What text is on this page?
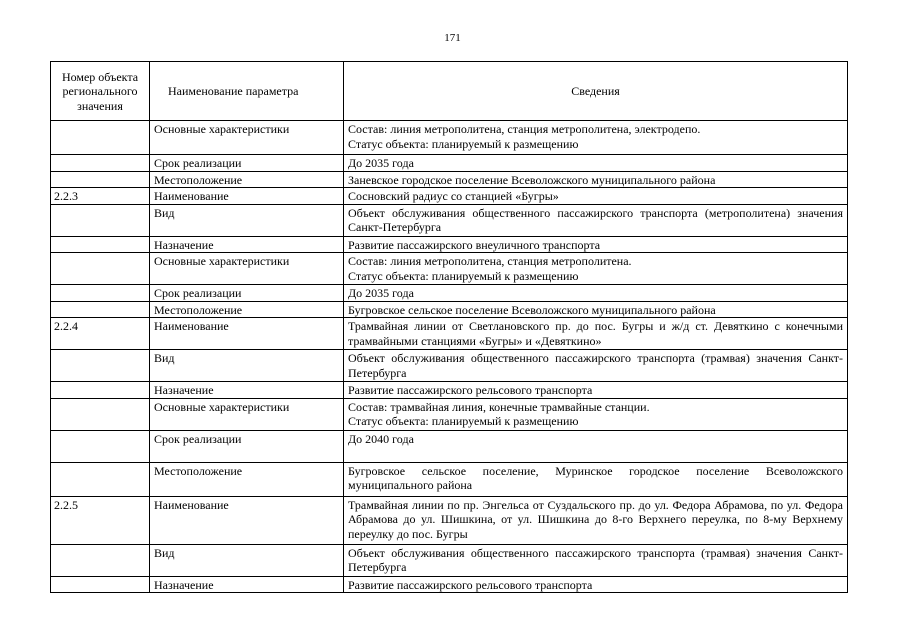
171
Номер объекта регионального значения	Наименование параметра	Сведения
	Основные характеристики	Состав: линия метрополитена, станция метрополитена, электродепо.
Статус объекта: планируемый к размещению

	Срок реализации	До 2035 года

	Местоположение	Заневское городское поселение Всеволожского муниципального района

2.2.3	Наименование	Сосновский радиус со станцией «Бугры»

	Вид	Объект обслуживания общественного пассажирского транспорта (метрополитена) значения Санкт-Петербурга

	Назначение	Развитие пассажирского внеуличного транспорта

	Основные характеристики	Состав: линия метрополитена, станция метрополитена.
Статус объекта: планируемый к размещению

	Срок реализации	До 2035 года

	Местоположение	Бугровское сельское поселение Всеволожского муниципального района

2.2.4	Наименование	Трамвайная линии от Светлановского пр. до пос. Бугры и ж/д ст. Девяткино с конечными трамвайными станциями «Бугры» и «Девяткино»

	Вид	Объект обслуживания общественного пассажирского транспорта (трамвая) значения Санкт-Петербурга

	Назначение	Развитие пассажирского рельсового транспорта

	Основные характеристики	Состав: трамвайная линия, конечные трамвайные станции.
Статус объекта: планируемый к размещению

	Срок реализации	До 2040 года

	Местоположение	Бугровское сельское поселение, Муринское городское поселение Всеволожского муниципального района

2.2.5	Наименование	Трамвайная линии по пр. Энгельса от Суздальского пр. до ул. Федора Абрамова, по ул. Федора Абрамова до ул. Шишкина, от ул. Шишкина до 8-го Верхнего переулка, по 8-му Верхнему переулку до пос. Бугры

	Вид	Объект обслуживания общественного пассажирского транспорта (трамвая) значения Санкт-Петербурга

	Назначение	Развитие пассажирского рельсового транспорта
